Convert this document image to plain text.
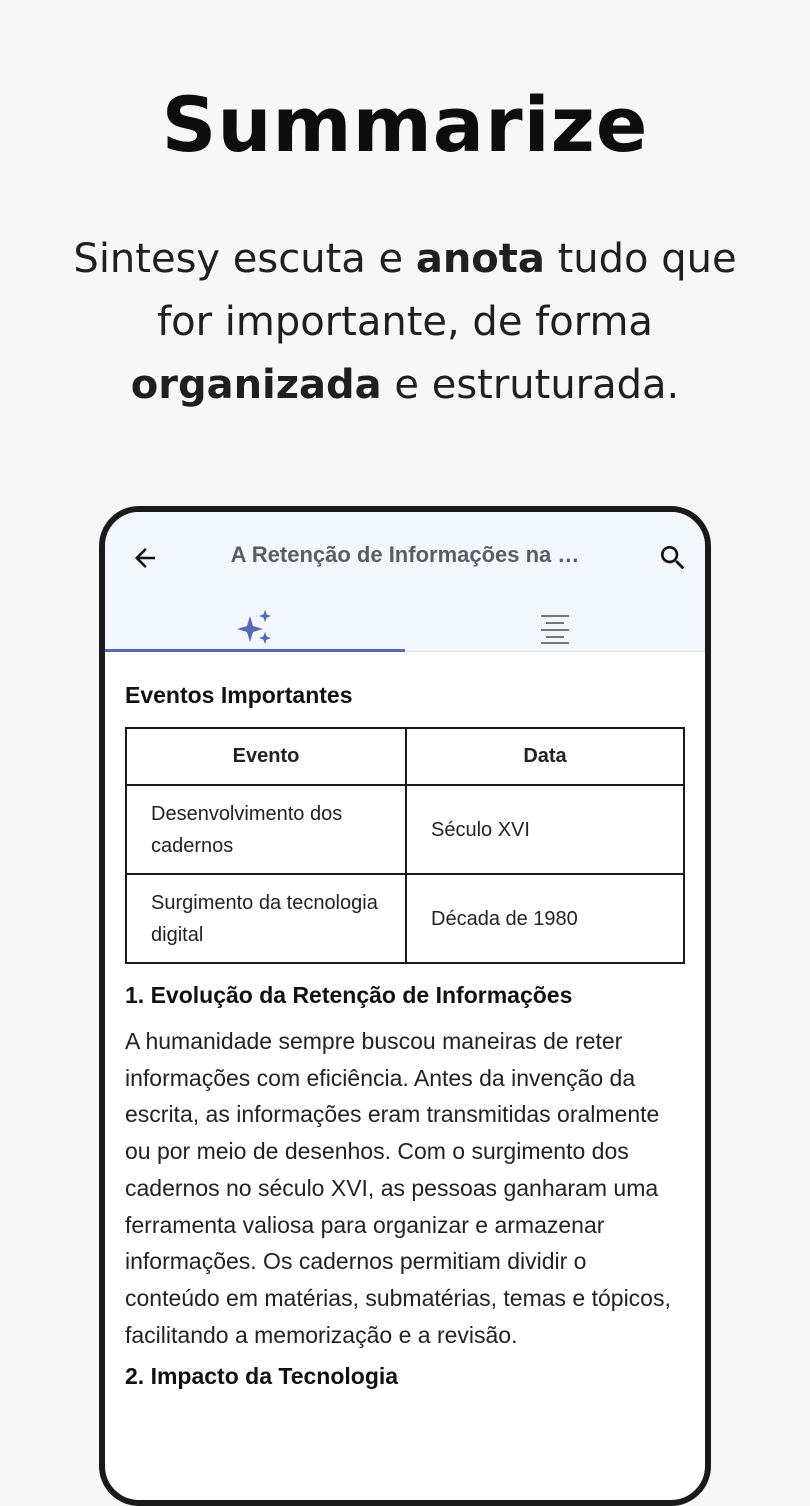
Summarize
Sintesy escuta e anota tudo que for importante, de forma organizada e estruturada.
A Retenção de Informações na …
Eventos Importantes
Evento	Data
Desenvolvimento dos cadernos	Século XVI
Surgimento da tecnologia digital	Década de 1980
1. Evolução da Retenção de Informações
A humanidade sempre buscou maneiras de reter informações com eficiência. Antes da invenção da escrita, as informações eram transmitidas oralmente ou por meio de desenhos. Com o surgimento dos cadernos no século XVI, as pessoas ganharam uma ferramenta valiosa para organizar e armazenar informações. Os cadernos permitiam dividir o conteúdo em matérias, submatérias, temas e tópicos, facilitando a memorização e a revisão.
2. Impacto da Tecnologia
